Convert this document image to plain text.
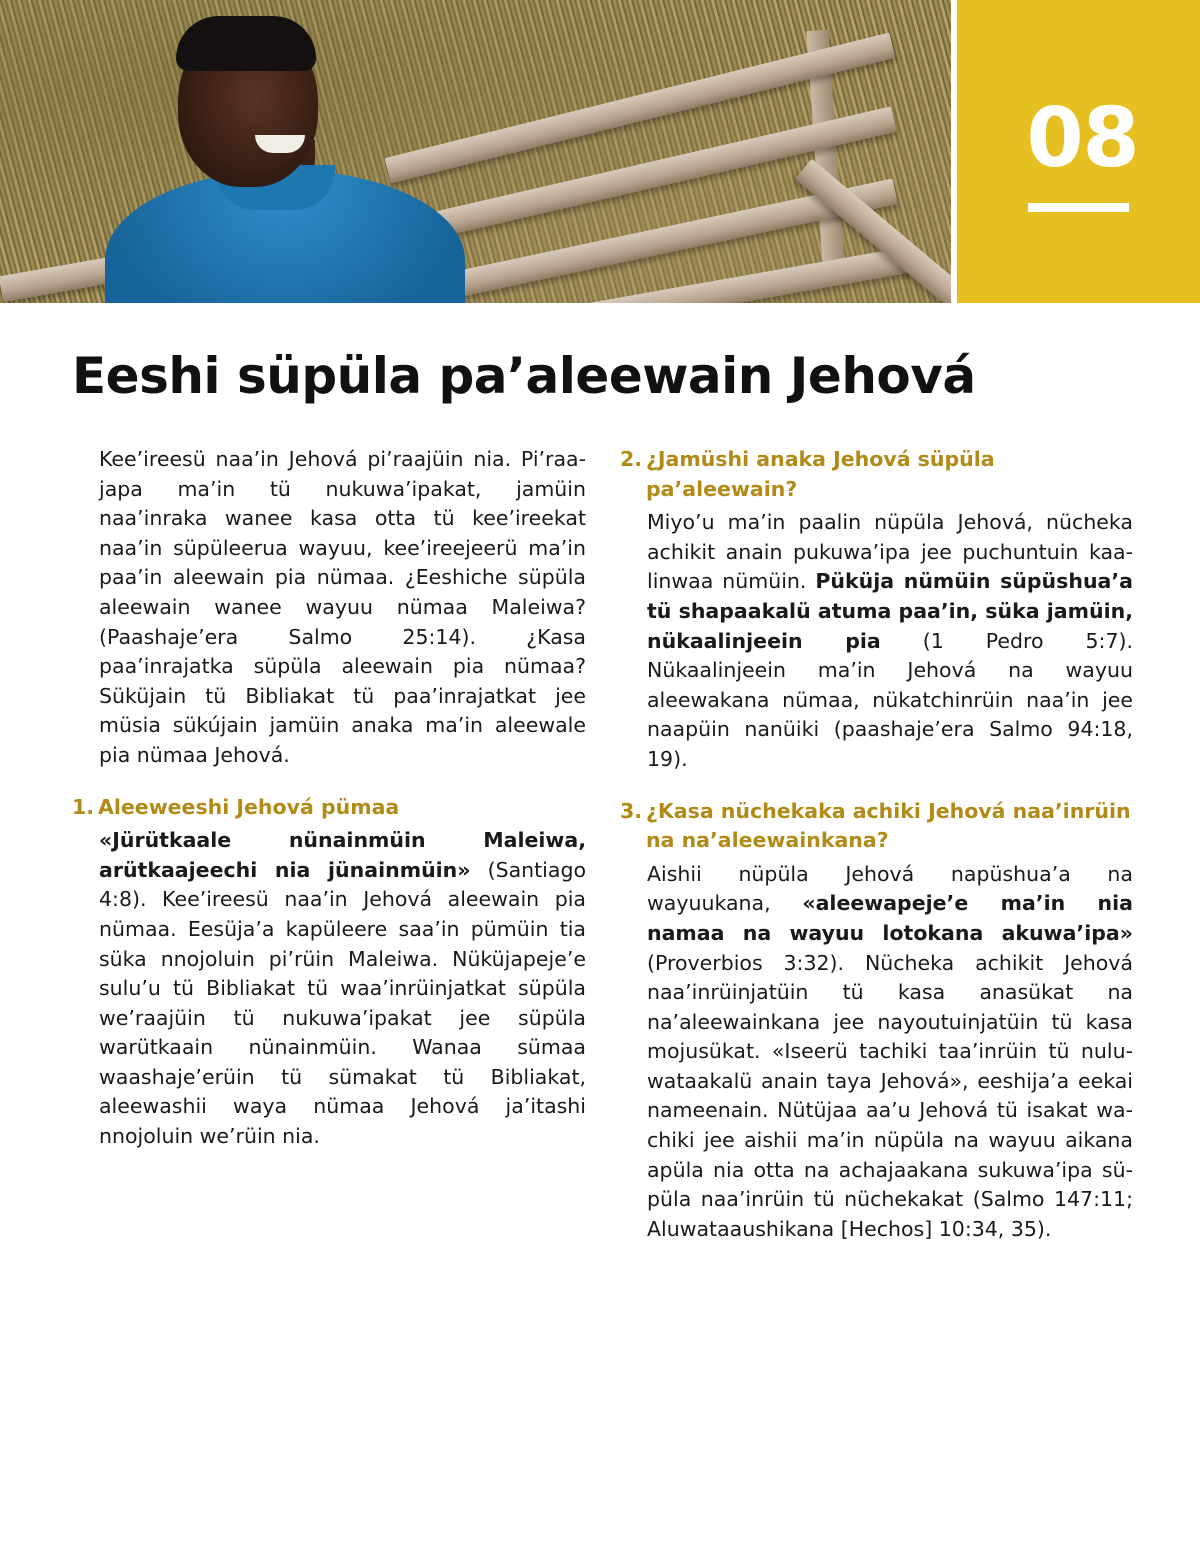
08
Eeshi süpüla pa’aleewain Jehová

Kee’ireesü naa’in Jehová pi’raajüin nia. Pi’raajapa ma’in tü nukuwa’ipakat, jamüin naa’inraka wanee kasa otta tü kee’ireekat naa’in süpüleerua wayuu, kee’ireejeerü ma’in paa’in aleewain pia nümaa. ¿Eeshiche süpüla aleewain wanee wayuu nümaa Maleiwa? (Paashaje’era Salmo 25:14). ¿Kasa paa’inrajatka süpüla aleewain pia nümaa? Süküjain tü Bibliakat tü paa’inrajatkat jee müsia sükújain jamüin anaka ma’in aleewale pia nümaa Jehová.

1. Aleeweeshi Jehová pümaa

«Jürütkaale nünainmüin Maleiwa, arütkaajeechi nia jünainmüin» (Santiago 4:8). Kee’ireesü naa’in Jehová aleewain pia nümaa. Eesüja’a kapüleere saa’in pümüin tia süka nnojoluin pi’rüin Maleiwa. Nüküjapeje’e sulu’u tü Bibliakat tü waa’inrüinjatkat süpüla we’raajüin tü nukuwa’ipakat jee süpüla warütkaain nünainmüin. Wanaa sümaa waashaje’erüin tü sümakat tü Bibliakat, aleewashii waya nümaa Jehová ja’itashi nnojoluin we’rüin nia.

2. ¿Jamüshi anaka Jehová süpüla pa’aleewain?

Miyo’u ma’in paalin nüpüla Jehová, nücheka achikit anain pukuwa’ipa jee puchuntuin kaalinwaa nümüin. Püküja nümüin süpüshua’a tü shapaakalü atuma paa’in, süka jamüin, nükaalinjeein pia (1 Pedro 5:7). Nükaalinjeein ma’in Jehová na wayuu aleewakana nümaa, nükatchinrüin naa’in jee naapüin nanüiki (paashaje’era Salmo 94:18, 19).

3. ¿Kasa nüchekaka achiki Jehová naa’inrüin na na’aleewainkana?

Aishii nüpüla Jehová napüshua’a na wayuukana, «aleewapeje’e ma’in nia namaa na wayuu lotokana akuwa’ipa» (Proverbios 3:32). Nücheka achikit Jehová naa’inrüinjatüin tü kasa anasükat na na’aleewainkana jee nayoutuinjatüin tü kasa mojusükat. «Iseerü tachiki taa’inrüin tü nuluwataakalü anain taya Jehová», eeshija’a eekai nameenain. Nütüjaa aa’u Jehová tü isakat wachiki jee aishii ma’in nüpüla na wayuu aikana apüla nia otta na achajaakana sukuwa’ipa süpüla naa’inrüin tü nüchekakat (Salmo 147:11; Aluwataaushikana [Hechos] 10:34, 35).
